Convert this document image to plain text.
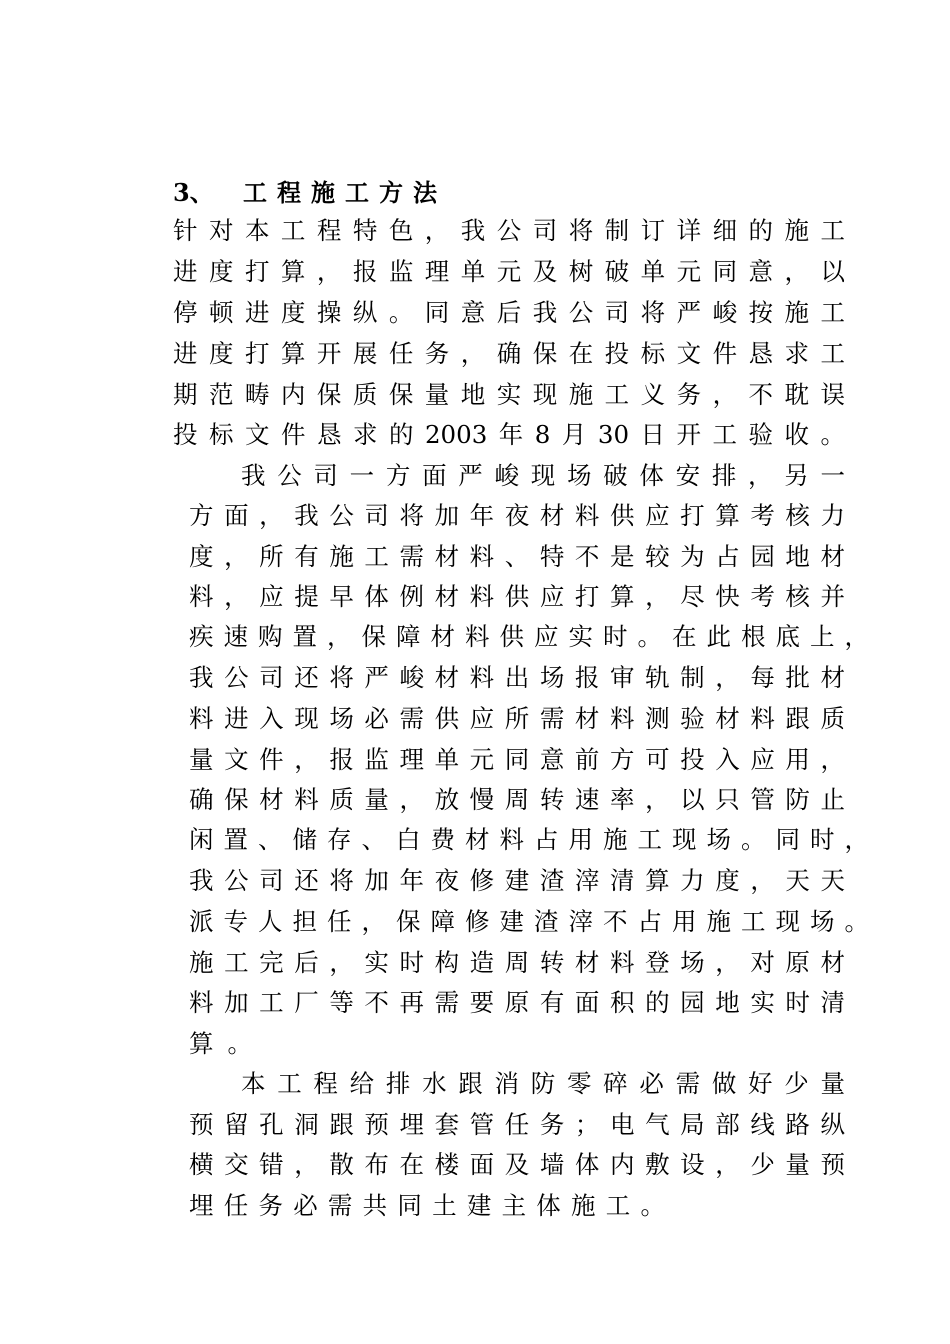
3、 工程施工方法
针对本工程特色，我公司将制订详细的施工
进度打算，报监理单元及树破单元同意，以
停顿进度操纵。同意后我公司将严峻按施工
进度打算开展任务，确保在投标文件恳求工
期范畴内保质保量地实现施工义务，不耽误
投标文件恳求的2003年8月30日开工验收。
我公司一方面严峻现场破体安排，另一
方面，我公司将加年夜材料供应打算考核力
度，所有施工需材料、特不是较为占园地材
料，应提早体例材料供应打算，尽快考核并
疾速购置，保障材料供应实时。在此根底上，
我公司还将严峻材料出场报审轨制，每批材
料进入现场必需供应所需材料测验材料跟质
量文件，报监理单元同意前方可投入应用，
确保材料质量，放慢周转速率，以只管防止
闲置、储存、白费材料占用施工现场。同时，
我公司还将加年夜修建渣滓清算力度，天天
派专人担任，保障修建渣滓不占用施工现场。
施工完后，实时构造周转材料登场，对原材
料加工厂等不再需要原有面积的园地实时清
算。
本工程给排水跟消防零碎必需做好少量
预留孔洞跟预埋套管任务；电气局部线路纵
横交错，散布在楼面及墙体内敷设，少量预
埋任务必需共同土建主体施工。
